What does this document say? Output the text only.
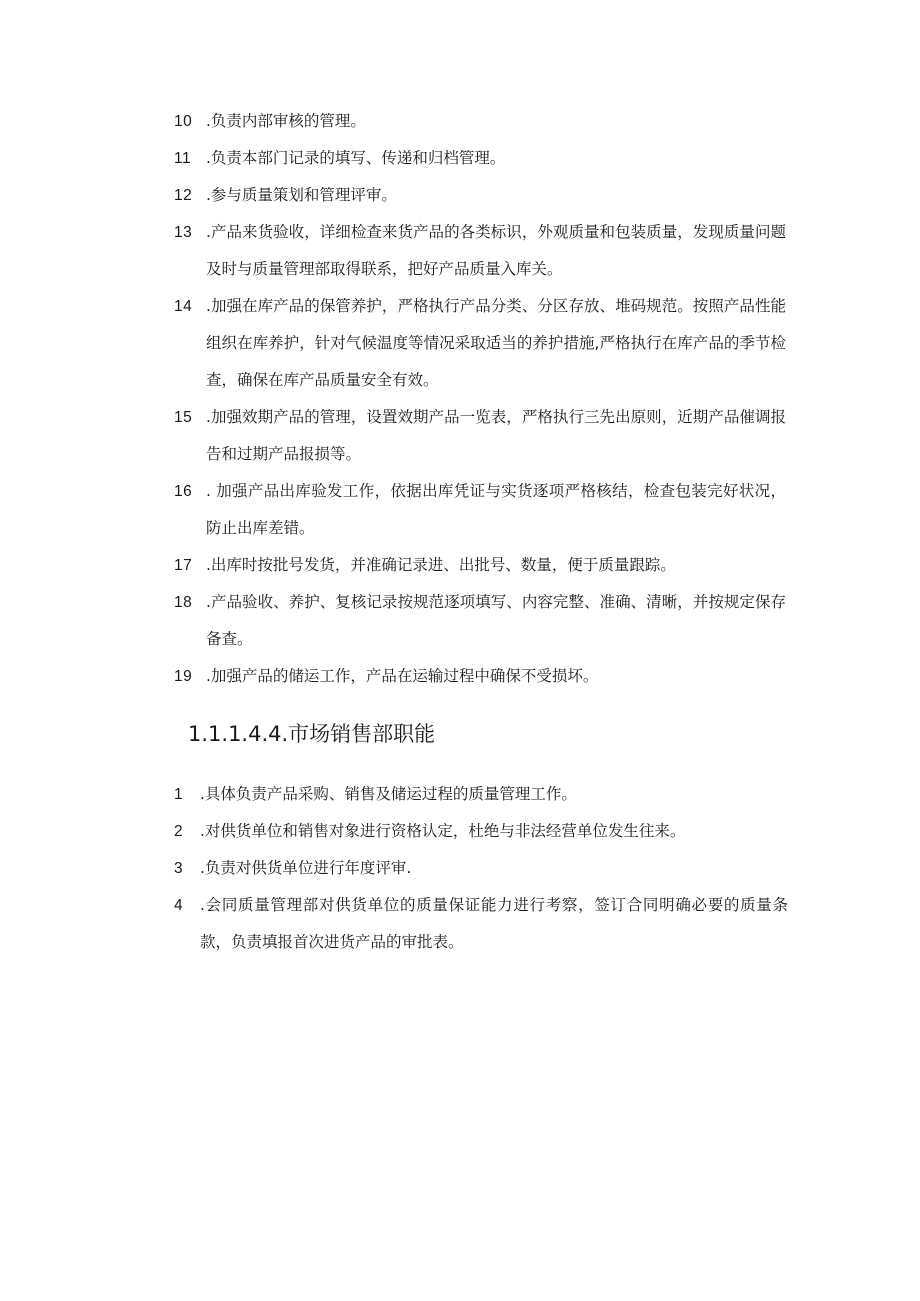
10 .负责内部审核的管理。
11 .负责本部门记录的填写、传递和归档管理。
12 .参与质量策划和管理评审。
13 .产品来货验收，详细检查来货产品的各类标识，外观质量和包装质量，发现质量问题及时与质量管理部取得联系，把好产品质量入库关。
14 .加强在库产品的保管养护，严格执行产品分类、分区存放、堆码规范。按照产品性能组织在库养护，针对气候温度等情况采取适当的养护措施,严格执行在库产品的季节检查，确保在库产品质量安全有效。
15 .加强效期产品的管理，设置效期产品一览表，严格执行三先出原则，近期产品催调报告和过期产品报损等。
16 . 加强产品出库验发工作，依据出库凭证与实货逐项严格核结，检查包装完好状况，防止出库差错。
17 .出库时按批号发货，并准确记录进、出批号、数量，便于质量跟踪。
18 .产品验收、养护、复核记录按规范逐项填写、内容完整、准确、清晰，并按规定保存备查。
19 .加强产品的储运工作，产品在运输过程中确保不受损坏。
1.1.1.4.4.市场销售部职能
1 .具体负责产品采购、销售及储运过程的质量管理工作。
2 .对供货单位和销售对象进行资格认定，杜绝与非法经营单位发生往来。
3 .负责对供货单位进行年度评审.
4 .会同质量管理部对供货单位的质量保证能力进行考察，签订合同明确必要的质量条款，负责填报首次进货产品的审批表。
